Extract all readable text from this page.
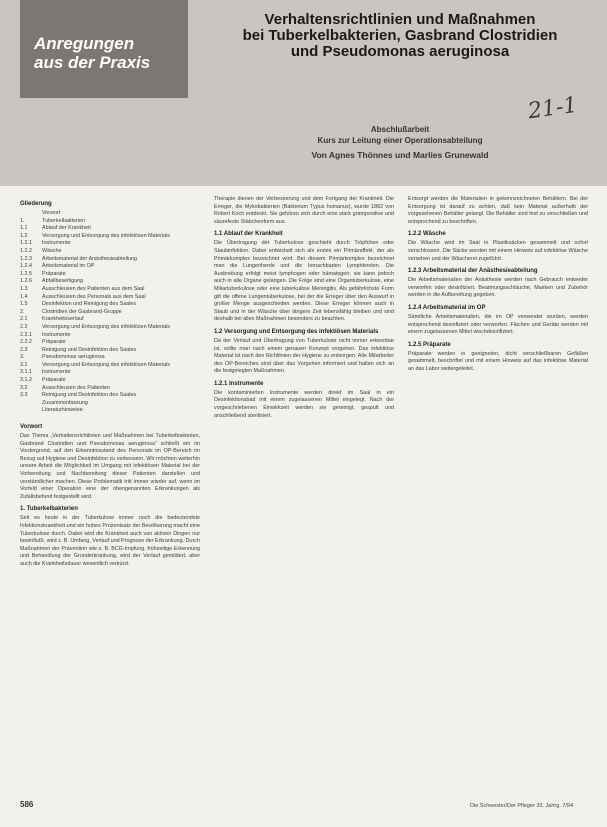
Anregungen
aus der Praxis
Verhaltensrichtlinien und Maßnahmen
bei Tuberkelbakterien, Gasbrand Clostridien
und Pseudomonas aeruginosa
21-1
Abschlußarbeit
Kurs zur Leitung einer Operationsabteilung
Von Agnes Thönnes und Marlies Grunewald
Gliederung
Vorwort
1.	Tuberkelbakterien
1.1	Ablauf der Krankheit
1.2	Versorgung und Entsorgung des infektiösen Materials
1.2.1	Instrumente
1.2.2	Wäsche
1.2.3	Arbeitsmaterial der Anästhesieabteilung
1.2.4	Arbeitsmaterial im OP
1.2.5	Präparate
1.2.6	Abfallbeseitigung
1.3	Ausschleusen des Patienten aus dem Saal
1.4	Ausschleusen des Personals aus dem Saal
1.5	Desinfektion und Reinigung des Saales
2.	Clostridien der Gasbrand-Gruppe
2.1	Krankheitsverlauf
2.2	Versorgung und Entsorgung des infektiösen Materials
2.2.1	Instrumente
2.2.2	Präparate
2.3	Reinigung und Desinfektion des Saales
3.	Pseudomonas aeruginosa
3.1	Versorgung und Entsorgung des infektiösen Materials
3.1.1	Instrumente
3.1.2	Präparate
3.2	Ausschleusen des Patienten
3.3	Reinigung und Desinfektion des Saales
Zusammenfassung
Literaturhinweise
Vorwort

Das Thema „Verhaltensrichtlinien und Maßnahmen bei Tuberkelbakterien, Gasbrand Clostridien und Pseudomonas aeruginosa“ schließt ein im Vordergrund, auf den Erkenntnisstand des Personals im OP-Bereich im Bezug auf Hygiene und Desinfektion zu verbessern. Wir möchten weiterhin unsere Arbeit die Möglichkeit im Umgang mit infektiösen Material bei der Vorbereitung und Nachbereitung dieser Patienten darstellen und verständlicher machen. Diese Problematik tritt immer wieder auf, wenn im Vorfeld einer Operation eine der obengenannten Erkrankungen als Zufallsbefund festgestellt wird.

1. Tuberkelbakterien

Seit es heute in der Tuberkulose immer noch die bedeutendste Infektionskrankheit und ein hohes Prozentsatz der Bevölkerung macht eine Tuberkulose durch. Dabei wird die Krankheit auch von aktiven Dingen nur beeinflußt, wird z. B. Umfang, Verlauf und Prognose der Erkrankung. Durch Maßnahmen der Prävention wie z. B. BCG-Impfung, frühzeitige Erkennung und Behandlung der Grunderkrankung, wird der Verlauf gemildert, aber auch die Krankheitsdauer wesentlich verkürzt.

Therapie dienen der Verbesserung und dem Fortgang der Krankheit. Die Erreger, die Mykobakterien (Bakterium Typus humanus), wurde 1882 von Robert Koch entdeckt. Sie gehören sich durch eine stark grampositive und säurefeste Stäbchenform aus.

1.1 Ablauf der Krankheit

Die Übertragung der Tuberkulose geschieht durch Tröpfchen oder Staubinfektion. Dabei entwickelt sich als erstes ein Primäraffekt, der als Primärkomplex bezeichnet wird. Bei diesem Primärkomplex bezeichnet man die Lungenherde und die benachbarten Lymphknoten. Die Ausbreitung erfolgt meist lymphogen oder hämatogen; sie kann jedoch auch in alle Organe gelangen. Die Folge sind eine Organtuberkulose, eine Miliartuberkulose oder eine tuberkulöse Meningitis. Als gefährlichste Form gilt die offene Lungentuberkulose, bei der die Erreger über den Auswurf in großer Menge ausgeschieden werden. Diese Erreger können auch in Staub und in der Wäsche über längere Zeit lebensfähig bleiben und sind deshalb bei allen Maßnahmen besonders zu beachten.

1.2 Versorgung und Entsorgung des infektiösen Materials

Da der Verlauf und Übertragung von Tuberkulose nicht immer erkennbar ist, sollte man nach einem genauen Konzept vorgehen. Das infektiöse Material ist nach den Richtlinien der Hygiene zu entsorgen. Alle Mitarbeiter des OP-Bereiches sind über das Vorgehen informiert und halten sich an die festgelegten Maßnahmen.

1.2.1 Instrumente

Die kontaminierten Instrumente werden direkt im Saal in ein Desinfektionsbad mit einem zugelassenen Mittel eingelegt. Nach der vorgeschriebenen Einwirkzeit werden sie gereinigt, gespült und anschließend sterilisiert.

Entsorgt werden die Materialien in gekennzeichneten Behältern. Bei der Entsorgung ist darauf zu achten, daß kein Material außerhalb der vorgesehenen Behälter gelangt. Die Behälter sind fest zu verschließen und entsprechend zu beschriften.

1.2.2 Wäsche

Die Wäsche wird im Saal in Plastiksäcken gesammelt und sofort verschlossen. Die Säcke werden mit einem Hinweis auf infektiöse Wäsche versehen und der Wäscherei zugeführt.

1.2.3 Arbeitsmaterial der Anästhesieabteilung

Die Arbeitsmaterialien der Anästhesie werden nach Gebrauch entweder verworfen oder desinfiziert. Beatmungsschläuche, Masken und Zubehör werden in die Aufbereitung gegeben.

1.2.4 Arbeitsmaterial im OP

Sämtliche Arbeitsmaterialien, die im OP verwendet wurden, werden entsprechend desinfiziert oder verworfen. Flächen und Geräte werden mit einem zugelassenen Mittel wischdesinfiziert.

1.2.5 Präparate

Präparate werden in geeigneten, dicht verschließbaren Gefäßen gesammelt, beschriftet und mit einem Hinweis auf das infektiöse Material an das Labor weitergeleitet.

586	Die Schwester/Der Pfleger 33. Jahrg. 7/94
